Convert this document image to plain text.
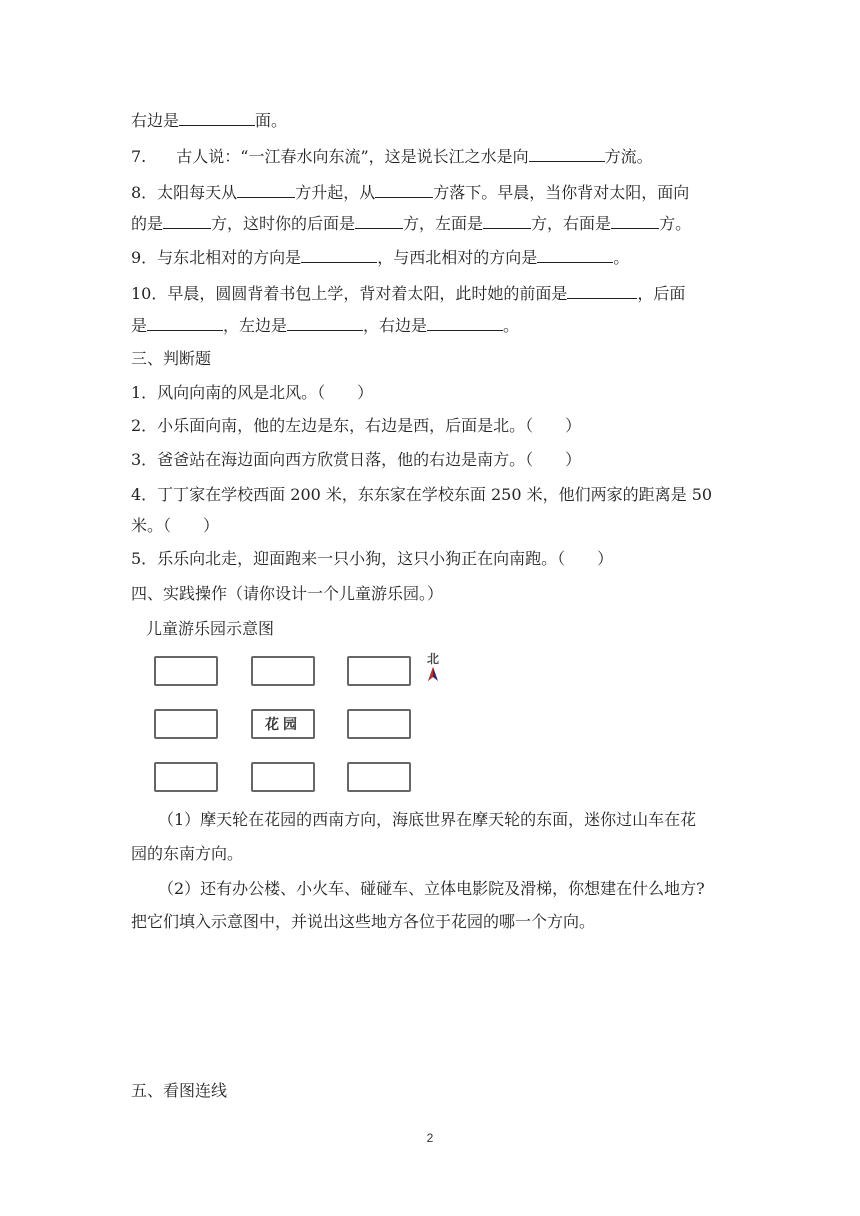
右边是	面。
7. 古人说：“一江春水向东流”，这是说长江之水是向	方流。
8．太阳每天从	方升起，从	方落下。早晨，当你背对太阳，面向
的是	方，这时你的后面是	方，左面是	方，右面是	方。
9．与东北相对的方向是	，与西北相对的方向是	。
10．早晨，圆圆背着书包上学，背对着太阳，此时她的前面是	，后面
是	，左边是	，右边是	。
三、判断题
1．风向向南的风是北风。（　　）
2．小乐面向南，他的左边是东，右边是西，后面是北。（　　）
3．爸爸站在海边面向西方欣赏日落，他的右边是南方。（　　）
4．丁丁家在学校西面 200 米，东东家在学校东面 250 米，他们两家的距离是 50
米。（　　）
5．乐乐向北走，迎面跑来一只小狗，这只小狗正在向南跑。（　　）
四、实践操作（请你设计一个儿童游乐园。）
儿童游乐园示意图
花园
北
（1）摩天轮在花园的西南方向，海底世界在摩天轮的东面，迷你过山车在花
园的东南方向。
（2）还有办公楼、小火车、碰碰车、立体电影院及滑梯，你想建在什么地方?
把它们填入示意图中，并说出这些地方各位于花园的哪一个方向。
五、看图连线
2
